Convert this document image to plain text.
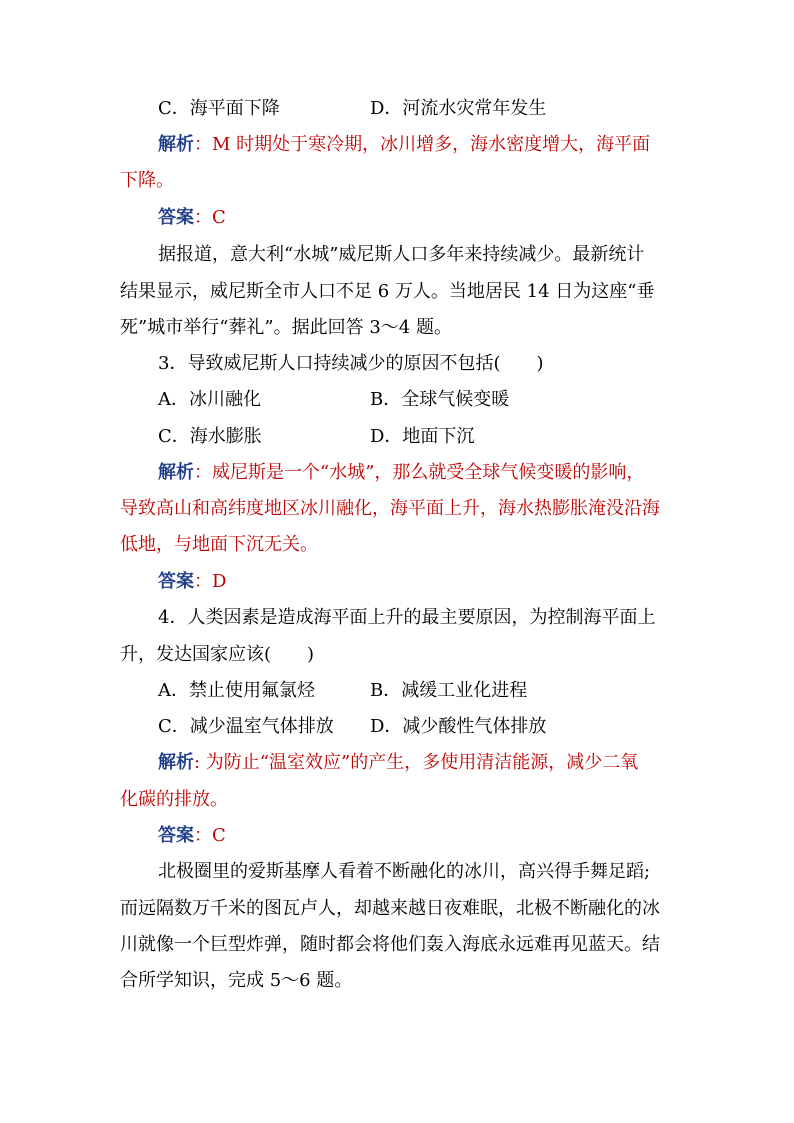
C．海平面下降	D．河流水灾常年发生
解析：M 时期处于寒冷期，冰川增多，海水密度增大，海平面
下降。
答案：C
据报道，意大利“水城”威尼斯人口多年来持续减少。最新统计
结果显示，威尼斯全市人口不足 6 万人。当地居民 14 日为这座“垂
死”城市举行“葬礼”。据此回答 3～4 题。
3．导致威尼斯人口持续减少的原因不包括(　　)
A．冰川融化	B．全球气候变暖
C．海水膨胀	D．地面下沉
解析：威尼斯是一个“水城”，那么就受全球气候变暖的影响，
导致高山和高纬度地区冰川融化，海平面上升，海水热膨胀淹没沿海
低地，与地面下沉无关。
答案：D
4．人类因素是造成海平面上升的最主要原因，为控制海平面上
升，发达国家应该(　　)
A．禁止使用氟氯烃	B．减缓工业化进程
C．减少温室气体排放 D．减少酸性气体排放
解析: 为防止“温室效应”的产生，多使用清洁能源，减少二氧
化碳的排放。
答案：C
北极圈里的爱斯基摩人看着不断融化的冰川，高兴得手舞足蹈;
而远隔数万千米的图瓦卢人，却越来越日夜难眠，北极不断融化的冰
川就像一个巨型炸弹，随时都会将他们轰入海底永远难再见蓝天。结
合所学知识，完成 5～6 题。
